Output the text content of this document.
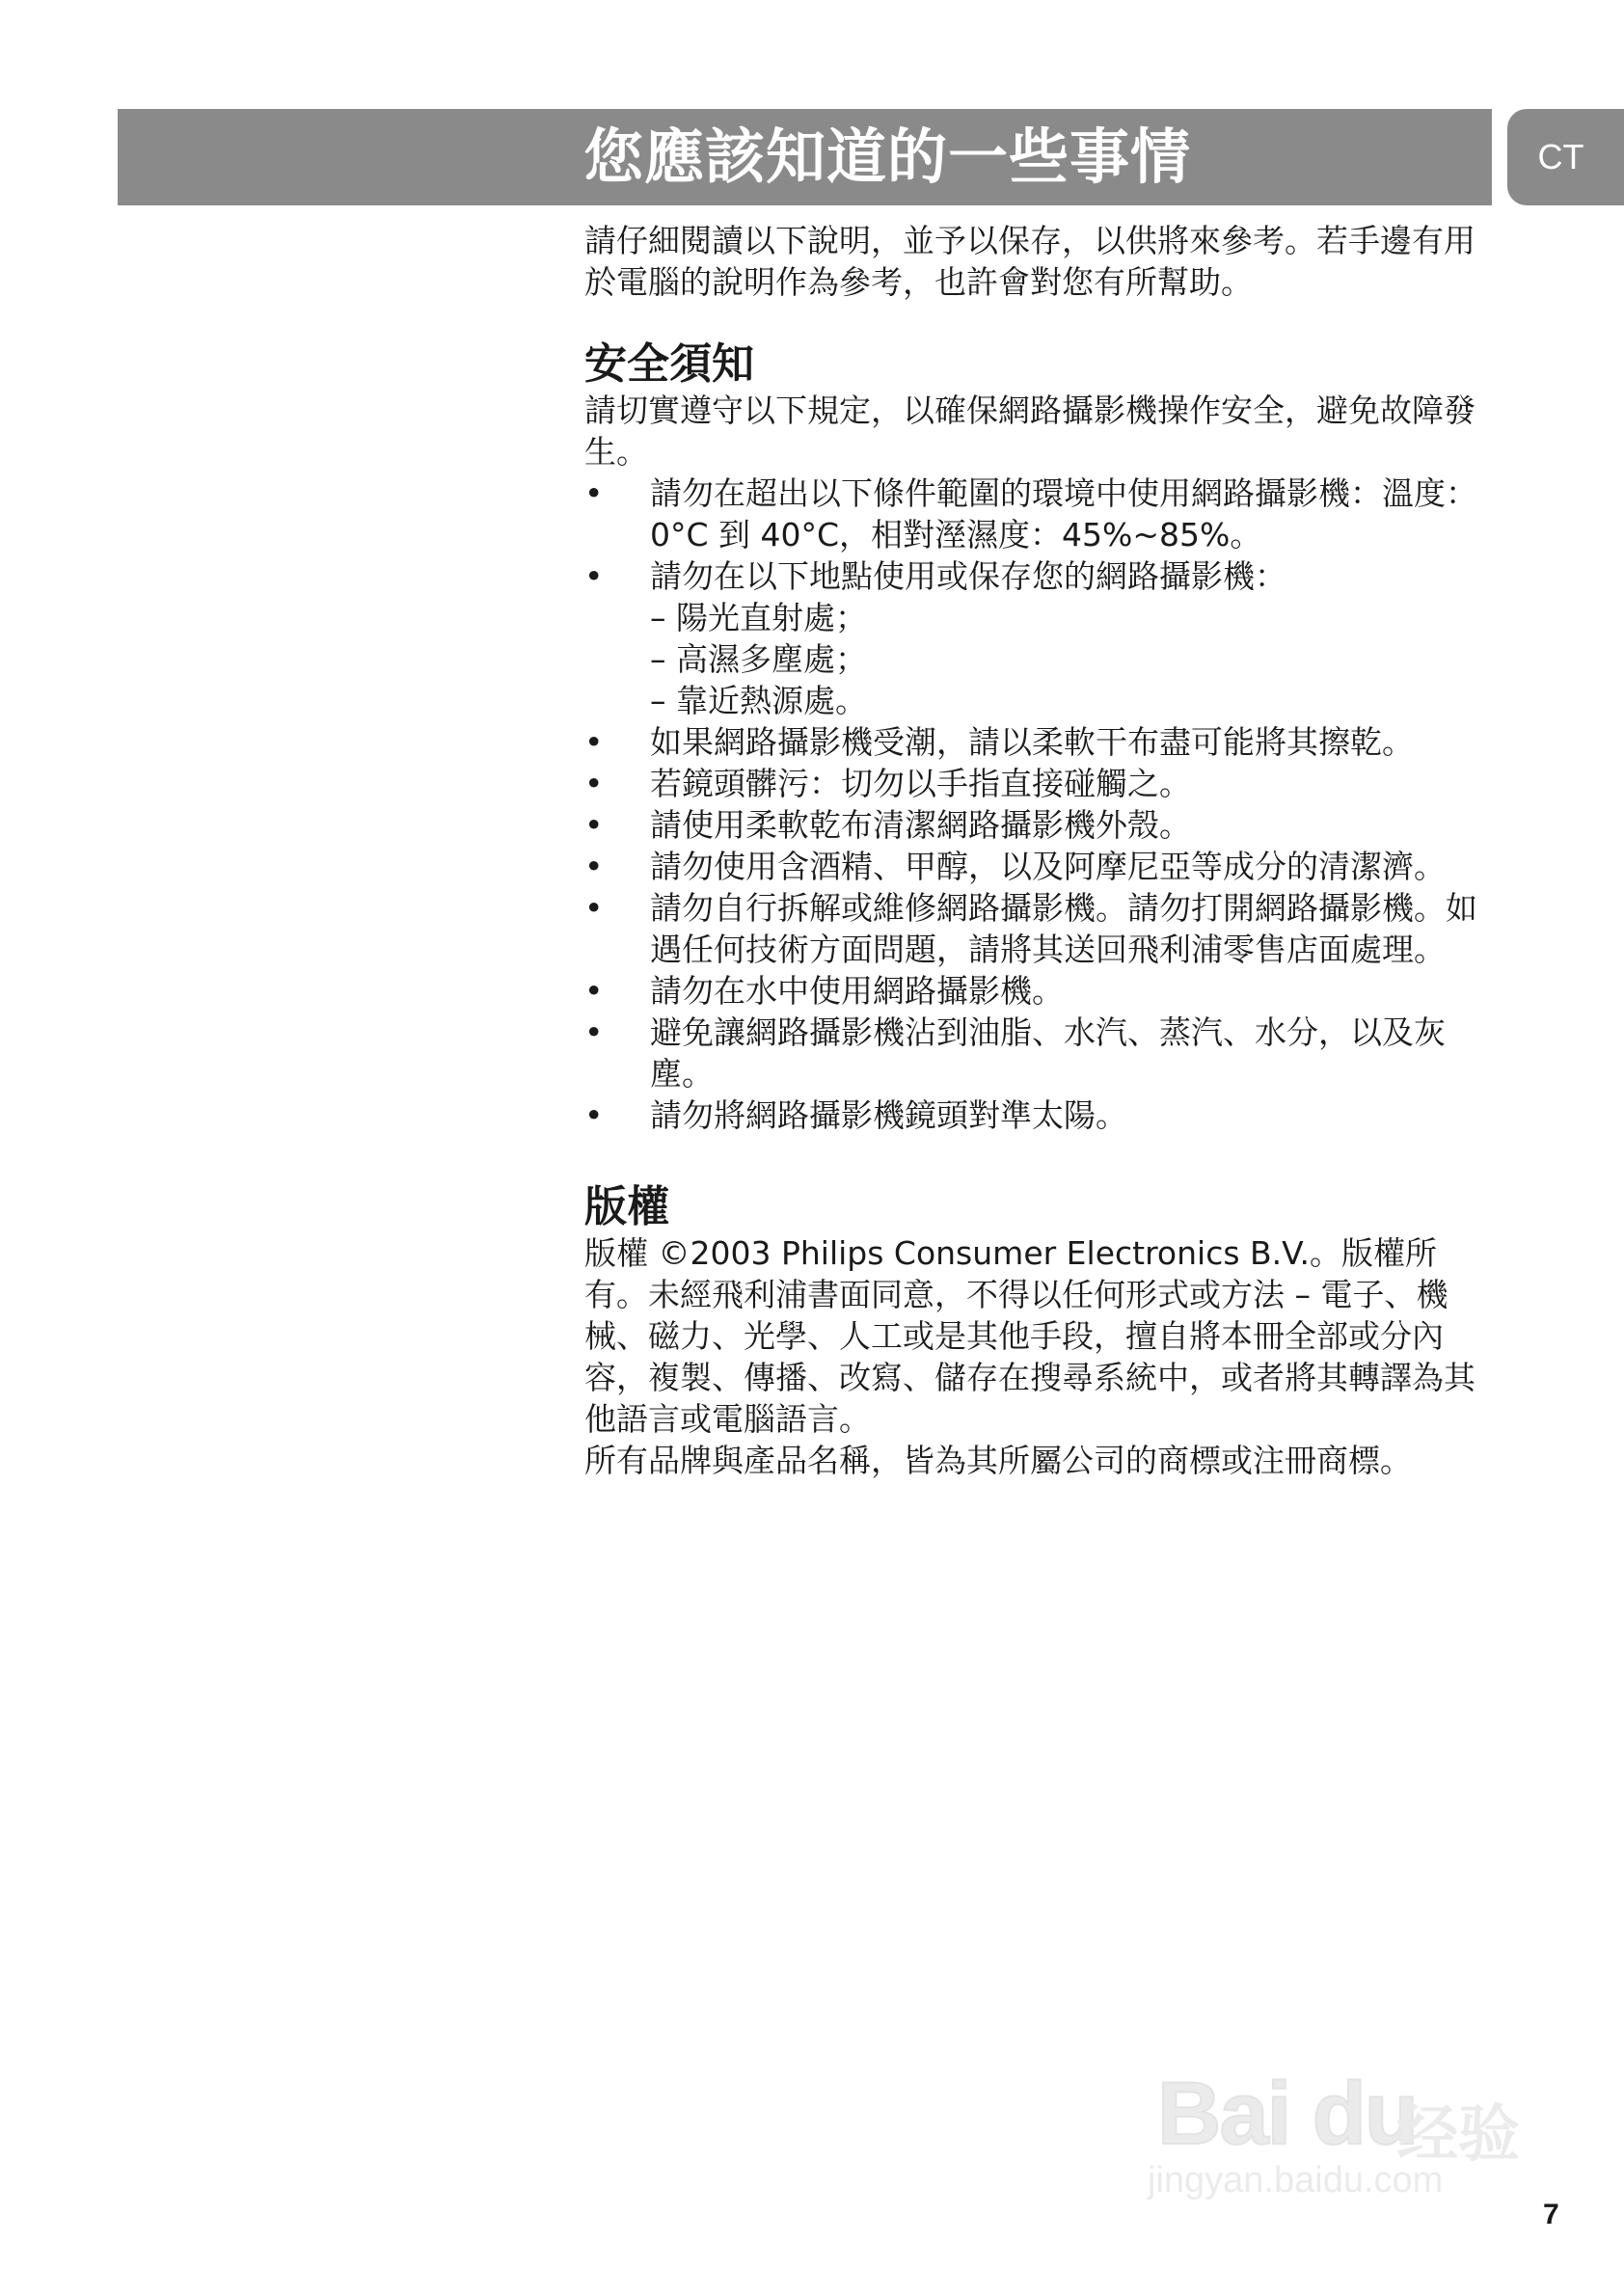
您應該知道的一些事情	CT

請仔細閱讀以下說明，並予以保存，以供將來參考。若手邊有用於電腦的說明作為參考，也許會對您有所幫助。

安全須知

請切實遵守以下規定，以確保網路攝影機操作安全，避免故障發生。

• 請勿在超出以下條件範圍的環境中使用網路攝影機：溫度：0°C 到 40°C，相對溼濕度：45%~85%。
• 請勿在以下地點使用或保存您的網路攝影機：
– 陽光直射處；
– 高濕多塵處；
– 靠近熱源處。
• 如果網路攝影機受潮，請以柔軟干布盡可能將其擦乾。
• 若鏡頭髒污：切勿以手指直接碰觸之。
• 請使用柔軟乾布清潔網路攝影機外殼。
• 請勿使用含酒精、甲醇，以及阿摩尼亞等成分的清潔濟。
• 請勿自行拆解或維修網路攝影機。請勿打開網路攝影機。如遇任何技術方面問題，請將其送回飛利浦零售店面處理。
• 請勿在水中使用網路攝影機。
• 避免讓網路攝影機沾到油脂、水汽、蒸汽、水分，以及灰塵。
• 請勿將網路攝影機鏡頭對準太陽。
版權

版權 ©2003 Philips Consumer Electronics B.V.。版權所有。未經飛利浦書面同意，不得以任何形式或方法 – 電子、機械、磁力、光學、人工或是其他手段，擅自將本冊全部或分內容，複製、傳播、改寫、儲存在搜尋系統中，或者將其轉譯為其他語言或電腦語言。

所有品牌與產品名稱，皆為其所屬公司的商標或注冊商標。

Bai du
经验
jingyan.baidu.com
7
